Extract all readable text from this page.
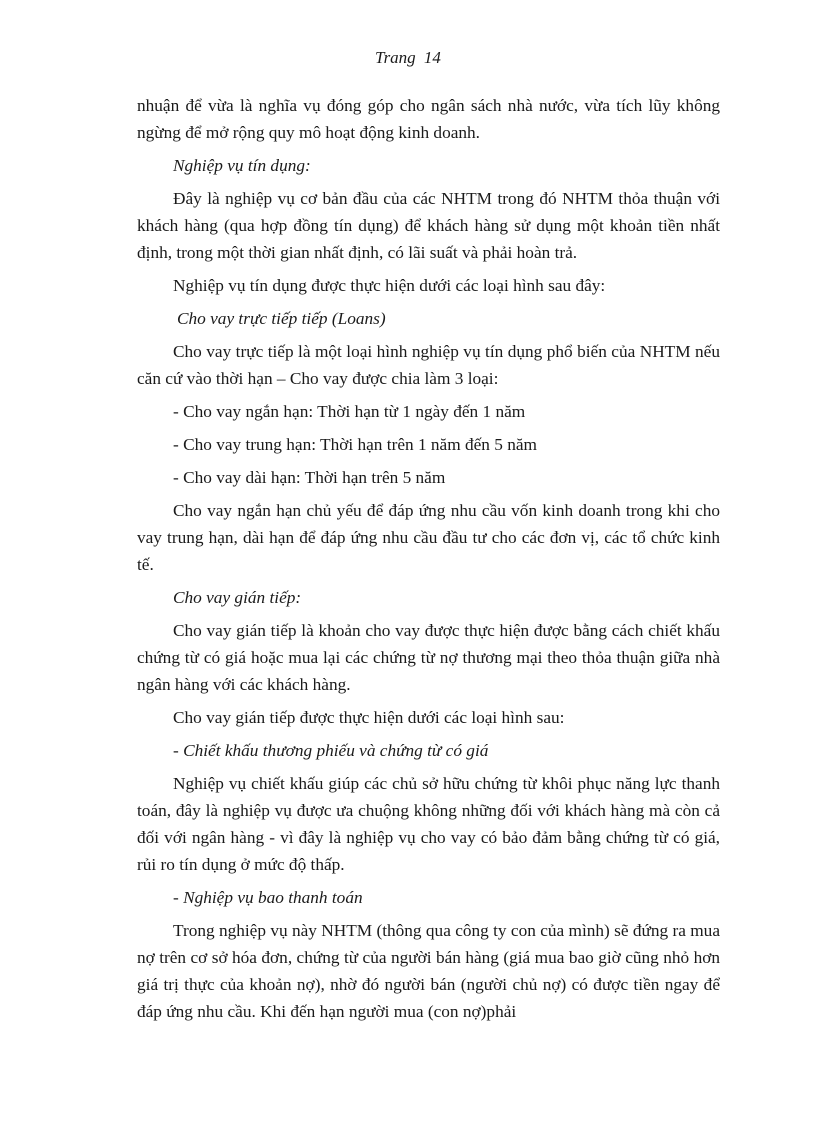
Trang 14

nhuận để vừa là nghĩa vụ đóng góp cho ngân sách nhà nước, vừa tích lũy không ngừng để mở rộng quy mô hoạt động kinh doanh.

Nghiệp vụ tín dụng:

Đây là nghiệp vụ cơ bản đầu của các NHTM trong đó NHTM thỏa thuận với khách hàng (qua hợp đồng tín dụng) để khách hàng sử dụng một khoản tiền nhất định, trong một thời gian nhất định, có lãi suất và phải hoàn trả.

Nghiệp vụ tín dụng được thực hiện dưới các loại hình sau đây:

Cho vay trực tiếp tiếp (Loans)

Cho vay trực tiếp là một loại hình nghiệp vụ tín dụng phổ biến của NHTM nếu căn cứ vào thời hạn – Cho vay được chia làm 3 loại:

- Cho vay ngắn hạn: Thời hạn từ 1 ngày đến 1 năm

- Cho vay trung hạn: Thời hạn trên 1 năm đến 5 năm

- Cho vay dài hạn: Thời hạn trên 5 năm

Cho vay ngắn hạn chủ yếu để đáp ứng nhu cầu vốn kinh doanh trong khi cho vay trung hạn, dài hạn để đáp ứng nhu cầu đầu tư cho các đơn vị, các tổ chức kinh tế.

Cho vay gián tiếp:

Cho vay gián tiếp là khoản cho vay được thực hiện được bằng cách chiết khấu chứng từ có giá hoặc mua lại các chứng từ nợ thương mại theo thỏa thuận giữa nhà ngân hàng với các khách hàng.

Cho vay gián tiếp được thực hiện dưới các loại hình sau:

- Chiết khấu thương phiếu và chứng từ có giá

Nghiệp vụ chiết khấu giúp các chủ sở hữu chứng từ khôi phục năng lực thanh toán, đây là nghiệp vụ được ưa chuộng không những đối với khách hàng mà còn cả đối với ngân hàng - vì đây là nghiệp vụ cho vay có bảo đảm bằng chứng từ có giá, rủi ro tín dụng ở mức độ thấp.

- Nghiệp vụ bao thanh toán

Trong nghiệp vụ này NHTM (thông qua công ty con của mình) sẽ đứng ra mua nợ trên cơ sở hóa đơn, chứng từ của người bán hàng (giá mua bao giờ cũng nhỏ hơn giá trị thực của khoản nợ), nhờ đó người bán (người chủ nợ) có được tiền ngay để đáp ứng nhu cầu. Khi đến hạn người mua (con nợ)phải
